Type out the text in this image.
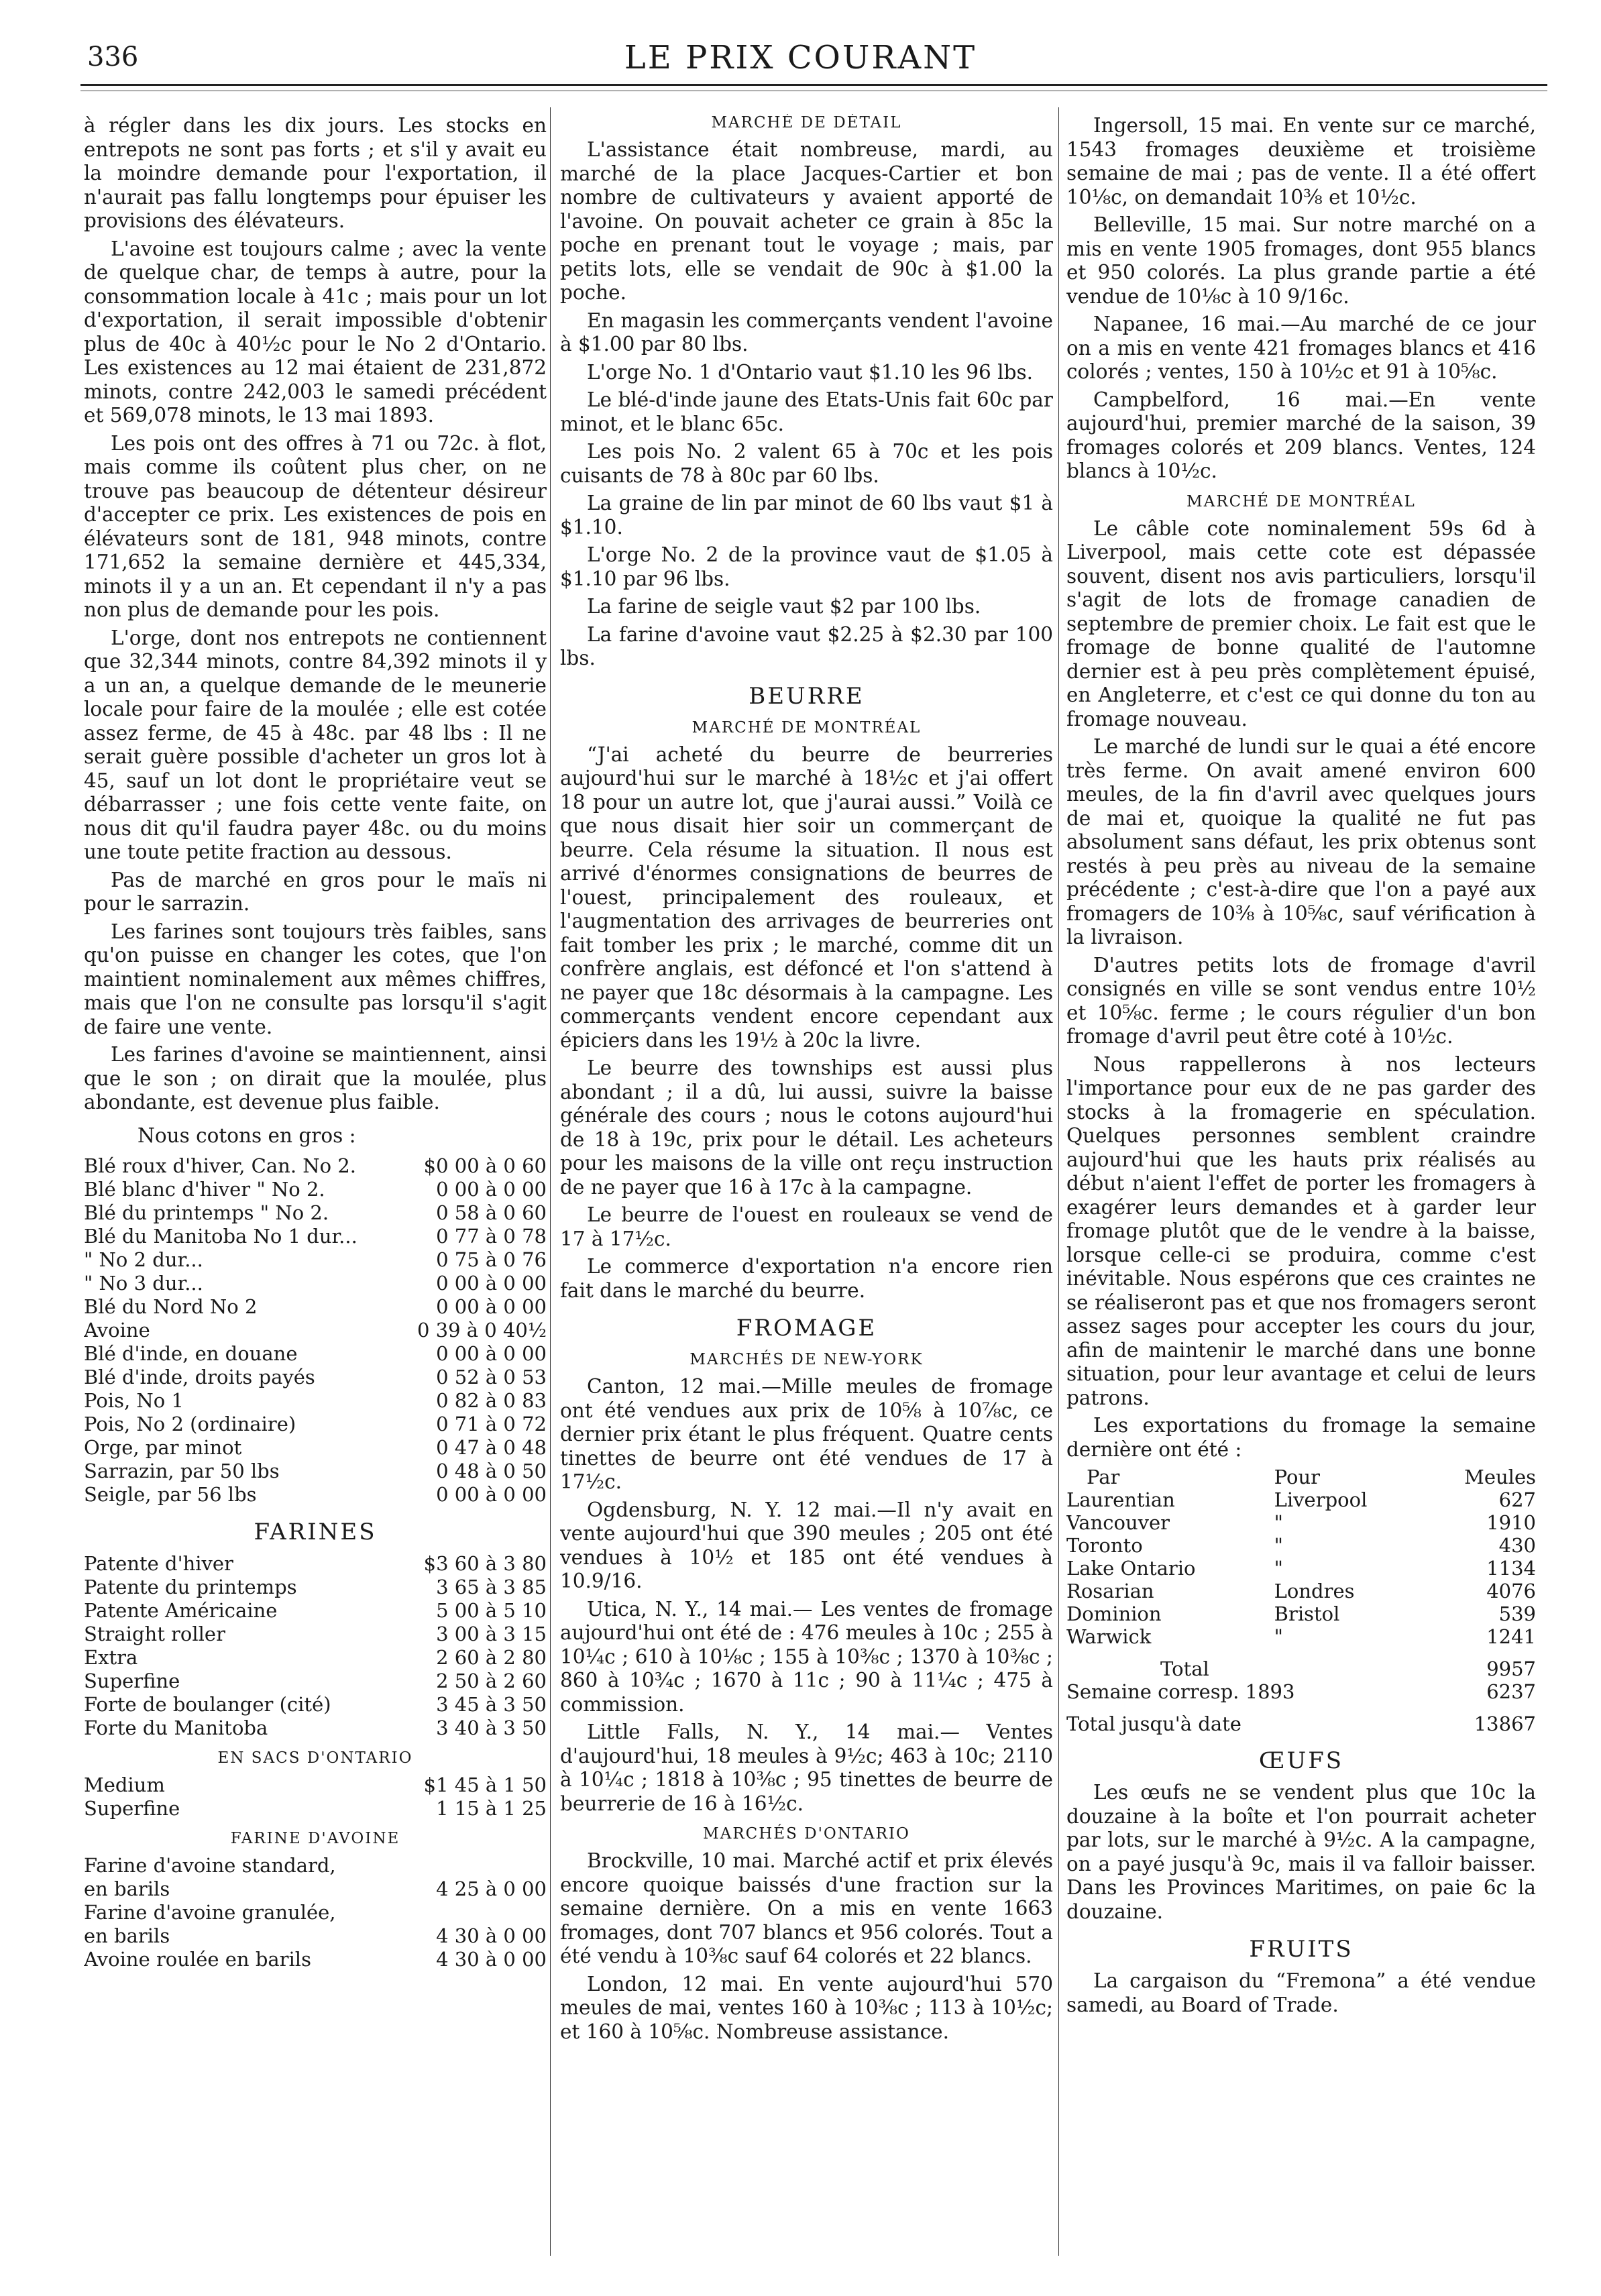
336	LE PRIX COURANT

à régler dans les dix jours. Les stocks en entrepots ne sont pas forts ; et s'il y avait eu la moindre demande pour l'exportation, il n'aurait pas fallu longtemps pour épuiser les provisions des élévateurs.

L'avoine est toujours calme ; avec la vente de quelque char, de temps à autre, pour la consommation locale à 41c ; mais pour un lot d'exportation, il serait impossible d'obtenir plus de 40c à 40½c pour le No 2 d'Ontario. Les existences au 12 mai étaient de 231,872 minots, contre 242,003 le samedi précédent et 569,078 minots, le 13 mai 1893.

Les pois ont des offres à 71 ou 72c. à flot, mais comme ils coûtent plus cher, on ne trouve pas beaucoup de détenteur désireur d'accepter ce prix. Les existences de pois en élévateurs sont de 181, 948 minots, contre 171,652 la semaine dernière et 445,334, minots il y a un an. Et cependant il n'y a pas non plus de demande pour les pois.

L'orge, dont nos entrepots ne contiennent que 32,344 minots, contre 84,392 minots il y a un an, a quelque demande de le meunerie locale pour faire de la moulée ; elle est cotée assez ferme, de 45 à 48c. par 48 lbs : Il ne serait guère possible d'acheter un gros lot à 45, sauf un lot dont le propriétaire veut se débarrasser ; une fois cette vente faite, on nous dit qu'il faudra payer 48c. ou du moins une toute petite fraction au dessous.

Pas de marché en gros pour le maïs ni pour le sarrazin.

Les farines sont toujours très faibles, sans qu'on puisse en changer les cotes, que l'on maintient nominalement aux mêmes chiffres, mais que l'on ne consulte pas lorsqu'il s'agit de faire une vente.

Les farines d'avoine se maintiennent, ainsi que le son ; on dirait que la moulée, plus abondante, est devenue plus faible.

Nous cotons en gros :

Blé roux d'hiver, Can. No 2.	$0 00 à 0 60
Blé blanc d'hiver " No 2.	0 00 à 0 00
Blé du printemps " No 2.	0 58 à 0 60
Blé du Manitoba No 1 dur...	0 77 à 0 78
" No 2 dur...	0 75 à 0 76
" No 3 dur...	0 00 à 0 00
Blé du Nord No 2	0 00 à 0 00
Avoine	0 39 à 0 40½
Blé d'inde, en douane	0 00 à 0 00
Blé d'inde, droits payés	0 52 à 0 53
Pois, No 1	0 82 à 0 83
Pois, No 2 (ordinaire)	0 71 à 0 72
Orge, par minot	0 47 à 0 48
Sarrazin, par 50 lbs	0 48 à 0 50
Seigle, par 56 lbs	0 00 à 0 00
FARINES
Patente d'hiver	$3 60 à 3 80
Patente du printemps	3 65 à 3 85
Patente Américaine	5 00 à 5 10
Straight roller	3 00 à 3 15
Extra	2 60 à 2 80
Superfine	2 50 à 2 60
Forte de boulanger (cité)	3 45 à 3 50
Forte du Manitoba	3 40 à 3 50
EN SACS D'ONTARIO
Medium	$1 45 à 1 50
Superfine	1 15 à 1 25
FARINE D'AVOINE
Farine d'avoine standard,	
en barils	4 25 à 0 00
Farine d'avoine granulée,	
en barils	4 30 à 0 00
Avoine roulée en barils	4 30 à 0 00
MARCHÉ DE DÉTAIL

L'assistance était nombreuse, mardi, au marché de la place Jacques-Cartier et bon nombre de cultivateurs y avaient apporté de l'avoine. On pouvait acheter ce grain à 85c la poche en prenant tout le voyage ; mais, par petits lots, elle se vendait de 90c à $1.00 la poche.

En magasin les commerçants vendent l'avoine à $1.00 par 80 lbs.

L'orge No. 1 d'Ontario vaut $1.10 les 96 lbs.

Le blé-d'inde jaune des Etats-Unis fait 60c par minot, et le blanc 65c.

Les pois No. 2 valent 65 à 70c et les pois cuisants de 78 à 80c par 60 lbs.

La graine de lin par minot de 60 lbs vaut $1 à $1.10.

L'orge No. 2 de la province vaut de $1.05 à $1.10 par 96 lbs.

La farine de seigle vaut $2 par 100 lbs.

La farine d'avoine vaut $2.25 à $2.30 par 100 lbs.

BEURRE
MARCHÉ DE MONTRÉAL

“J'ai acheté du beurre de beurreries aujourd'hui sur le marché à 18½c et j'ai offert 18 pour un autre lot, que j'aurai aussi.” Voilà ce que nous disait hier soir un commerçant de beurre. Cela résume la situation. Il nous est arrivé d'énormes consignations de beurres de l'ouest, principalement des rouleaux, et l'augmentation des arrivages de beurreries ont fait tomber les prix ; le marché, comme dit un confrère anglais, est défoncé et l'on s'attend à ne payer que 18c désormais à la campagne. Les commerçants vendent encore cependant aux épiciers dans les 19½ à 20c la livre.

Le beurre des townships est aussi plus abondant ; il a dû, lui aussi, suivre la baisse générale des cours ; nous le cotons aujourd'hui de 18 à 19c, prix pour le détail. Les acheteurs pour les maisons de la ville ont reçu instruction de ne payer que 16 à 17c à la campagne.

Le beurre de l'ouest en rouleaux se vend de 17 à 17½c.

Le commerce d'exportation n'a encore rien fait dans le marché du beurre.

FROMAGE
MARCHÉS DE NEW-YORK

Canton, 12 mai.—Mille meules de fromage ont été vendues aux prix de 10⅝ à 10⅞c, ce dernier prix étant le plus fréquent. Quatre cents tinettes de beurre ont été vendues de 17 à 17½c.

Ogdensburg, N. Y. 12 mai.—Il n'y avait en vente aujourd'hui que 390 meules ; 205 ont été vendues à 10½ et 185 ont été vendues à 10.9/16.

Utica, N. Y., 14 mai.— Les ventes de fromage aujourd'hui ont été de : 476 meules à 10c ; 255 à 10¼c ; 610 à 10⅛c ; 155 à 10⅜c ; 1370 à 10⅜c ; 860 à 10¾c ; 1670 à 11c ; 90 à 11¼c ; 475 à commission.

Little Falls, N. Y., 14 mai.— Ventes d'aujourd'hui, 18 meules à 9½c; 463 à 10c; 2110 à 10¼c ; 1818 à 10⅜c ; 95 tinettes de beurre de beurrerie de 16 à 16½c.

MARCHÉS D'ONTARIO

Brockville, 10 mai. Marché actif et prix élevés encore quoique baissés d'une fraction sur la semaine dernière. On a mis en vente 1663 fromages, dont 707 blancs et 956 colorés. Tout a été vendu à 10⅜c sauf 64 colorés et 22 blancs.

London, 12 mai. En vente aujourd'hui 570 meules de mai, ventes 160 à 10⅜c ; 113 à 10½c; et 160 à 10⅝c. Nombreuse assistance.

Ingersoll, 15 mai. En vente sur ce marché, 1543 fromages deuxième et troisième semaine de mai ; pas de vente. Il a été offert 10⅛c, on demandait 10⅜ et 10½c.

Belleville, 15 mai. Sur notre marché on a mis en vente 1905 fromages, dont 955 blancs et 950 colorés. La plus grande partie a été vendue de 10⅛c à 10 9/16c.

Napanee, 16 mai.—Au marché de ce jour on a mis en vente 421 fromages blancs et 416 colorés ; ventes, 150 à 10½c et 91 à 10⅝c.

Campbelford, 16 mai.—En vente aujourd'hui, premier marché de la saison, 39 fromages colorés et 209 blancs. Ventes, 124 blancs à 10½c.

MARCHÉ DE MONTRÉAL

Le câble cote nominalement 59s 6d à Liverpool, mais cette cote est dépassée souvent, disent nos avis particuliers, lorsqu'il s'agit de lots de fromage canadien de septembre de premier choix. Le fait est que le fromage de bonne qualité de l'automne dernier est à peu près complètement épuisé, en Angleterre, et c'est ce qui donne du ton au fromage nouveau.

Le marché de lundi sur le quai a été encore très ferme. On avait amené environ 600 meules, de la fin d'avril avec quelques jours de mai et, quoique la qualité ne fut pas absolument sans défaut, les prix obtenus sont restés à peu près au niveau de la semaine précédente ; c'est-à-dire que l'on a payé aux fromagers de 10⅜ à 10⅝c, sauf vérification à la livraison.

D'autres petits lots de fromage d'avril consignés en ville se sont vendus entre 10½ et 10⅝c. ferme ; le cours régulier d'un bon fromage d'avril peut être coté à 10½c.

Nous rappellerons à nos lecteurs l'importance pour eux de ne pas garder des stocks à la fromagerie en spéculation. Quelques personnes semblent craindre aujourd'hui que les hauts prix réalisés au début n'aient l'effet de porter les fromagers à exagérer leurs demandes et à garder leur fromage plutôt que de le vendre à la baisse, lorsque celle-ci se produira, comme c'est inévitable. Nous espérons que ces craintes ne se réaliseront pas et que nos fromagers seront assez sages pour accepter les cours du jour, afin de maintenir le marché dans une bonne situation, pour leur avantage et celui de leurs patrons.

Les exportations du fromage la semaine dernière ont été :

Par	Pour	Meules
Laurentian	Liverpool	627
Vancouver	"	1910
Toronto	"	430
Lake Ontario	"	1134
Rosarian	Londres	4076
Dominion	Bristol	539
Warwick	"	1241
Total		9957
Semaine corresp. 1893		6237
Total jusqu'à date		13867
ŒUFS

Les œufs ne se vendent plus que 10c la douzaine à la boîte et l'on pourrait acheter par lots, sur le marché à 9½c. A la campagne, on a payé jusqu'à 9c, mais il va falloir baisser. Dans les Provinces Maritimes, on paie 6c la douzaine.

FRUITS

La cargaison du “Fremona” a été vendue samedi, au Board of Trade.
